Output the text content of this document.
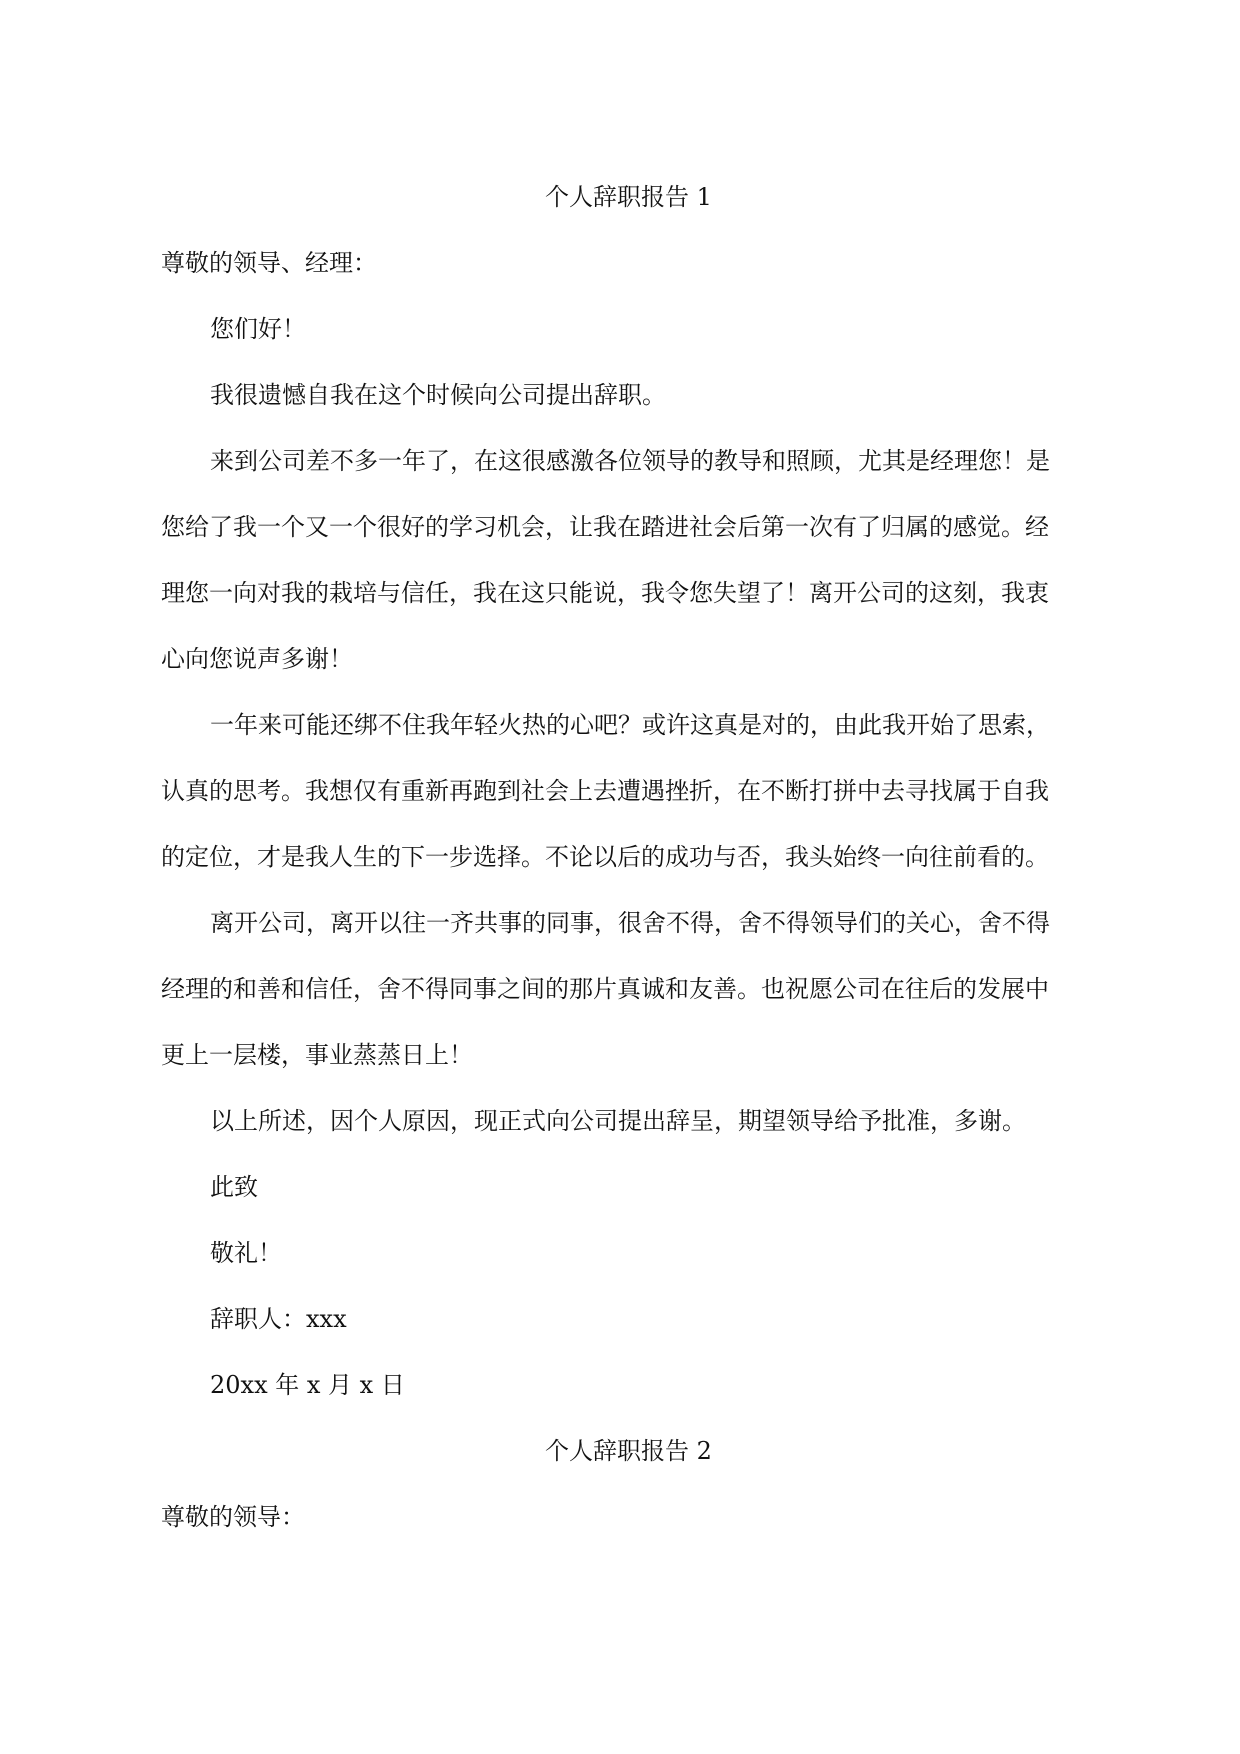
个人辞职报告 1
尊敬的领导、经理：
您们好！
我很遗憾自我在这个时候向公司提出辞职。
来到公司差不多一年了，在这很感激各位领导的教导和照顾，尤其是经理您！是
您给了我一个又一个很好的学习机会，让我在踏进社会后第一次有了归属的感觉。经
理您一向对我的栽培与信任，我在这只能说，我令您失望了！离开公司的这刻，我衷
心向您说声多谢！
一年来可能还绑不住我年轻火热的心吧？或许这真是对的，由此我开始了思索，
认真的思考。我想仅有重新再跑到社会上去遭遇挫折，在不断打拼中去寻找属于自我
的定位，才是我人生的下一步选择。不论以后的成功与否，我头始终一向往前看的。
离开公司，离开以往一齐共事的同事，很舍不得，舍不得领导们的关心，舍不得
经理的和善和信任，舍不得同事之间的那片真诚和友善。也祝愿公司在往后的发展中
更上一层楼，事业蒸蒸日上！
以上所述，因个人原因，现正式向公司提出辞呈，期望领导给予批准，多谢。
此致
敬礼！
辞职人：xxx
20xx 年 x 月 x 日
个人辞职报告 2
尊敬的领导：
